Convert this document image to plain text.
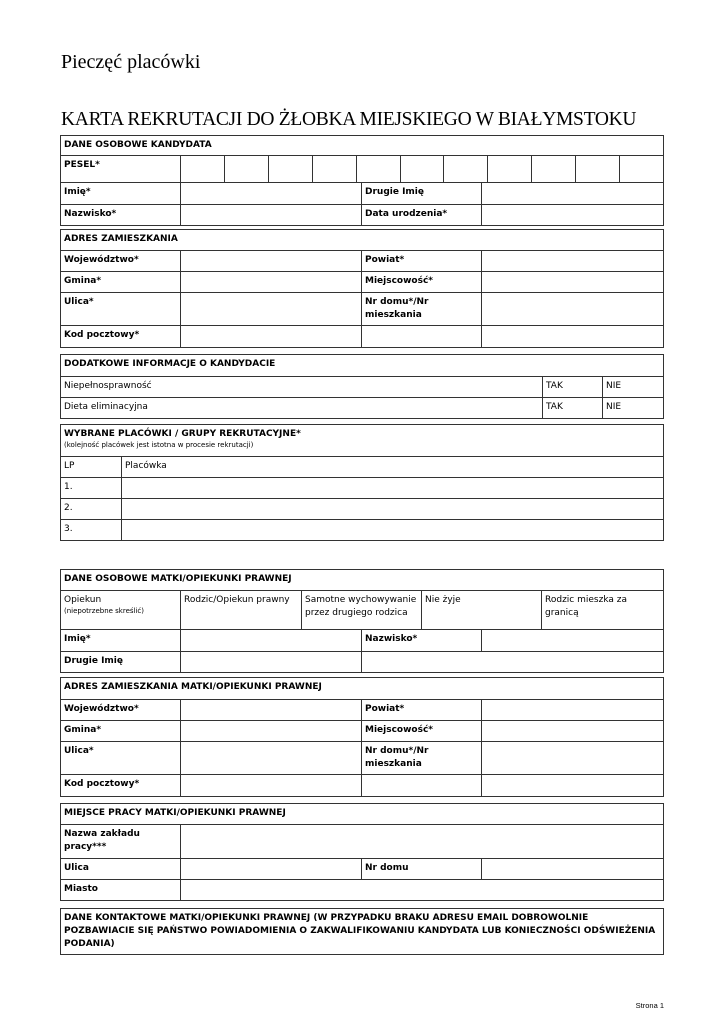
Pieczęć placówki
KARTA REKRUTACJI DO ŻŁOBKA MIEJSKIEGO W BIAŁYMSTOKU
DANE OSOBOWE KANDYDATA
PESEL*	

Imię*		Drugie Imię	
Nazwisko*		Data urodzenia*	
ADRES ZAMIESZKANIA			
Województwo*		Powiat*	
Gmina*		Miejscowość*	
Ulica*		Nr domu*/Nr mieszkania	
Kod pocztowy*			
DODATKOWE INFORMACJE O KANDYDACIE		
Niepełnosprawność	TAK	NIE
Dieta eliminacyjna	TAK	NIE
WYBRANE PLACÓWKI / GRUPY REKRUTACYJNE*
(kolejność placówek jest istotna w procesie rekrutacji)	

LP	Placówka
1.	
2.	
3.	
DANE OSOBOWE MATKI/OPIEKUNKI PRAWNEJ

Opiekun
(niepotrzebne skreślić)
	Rodzic/Opiekun prawny	Samotne wychowywanie przez drugiego rodzica	Nie żyje	Rodzic mieszka za granicą
Imię*		Nazwisko*	
Drugie Imię			
ADRES ZAMIESZKANIA MATKI/OPIEKUNKI PRAWNEJ			
Województwo*		Powiat*	
Gmina*		Miejscowość*	
Ulica*		Nr domu*/Nr mieszkania	
Kod pocztowy*			
MIEJSCE PRACY MATKI/OPIEKUNKI PRAWNEJ			
Nazwa zakładu pracy***			
Ulica		Nr domu	
Miasto			
DANE KONTAKTOWE MATKI/OPIEKUNKI PRAWNEJ (W PRZYPADKU BRAKU ADRESU EMAIL DOBROWOLNIE POZBAWIACIE SIĘ PAŃSTWO POWIADOMIENIA O ZAKWALIFIKOWANIU KANDYDATA LUB KONIECZNOŚCI ODŚWIEŻENIA PODANIA)
Strona 1
